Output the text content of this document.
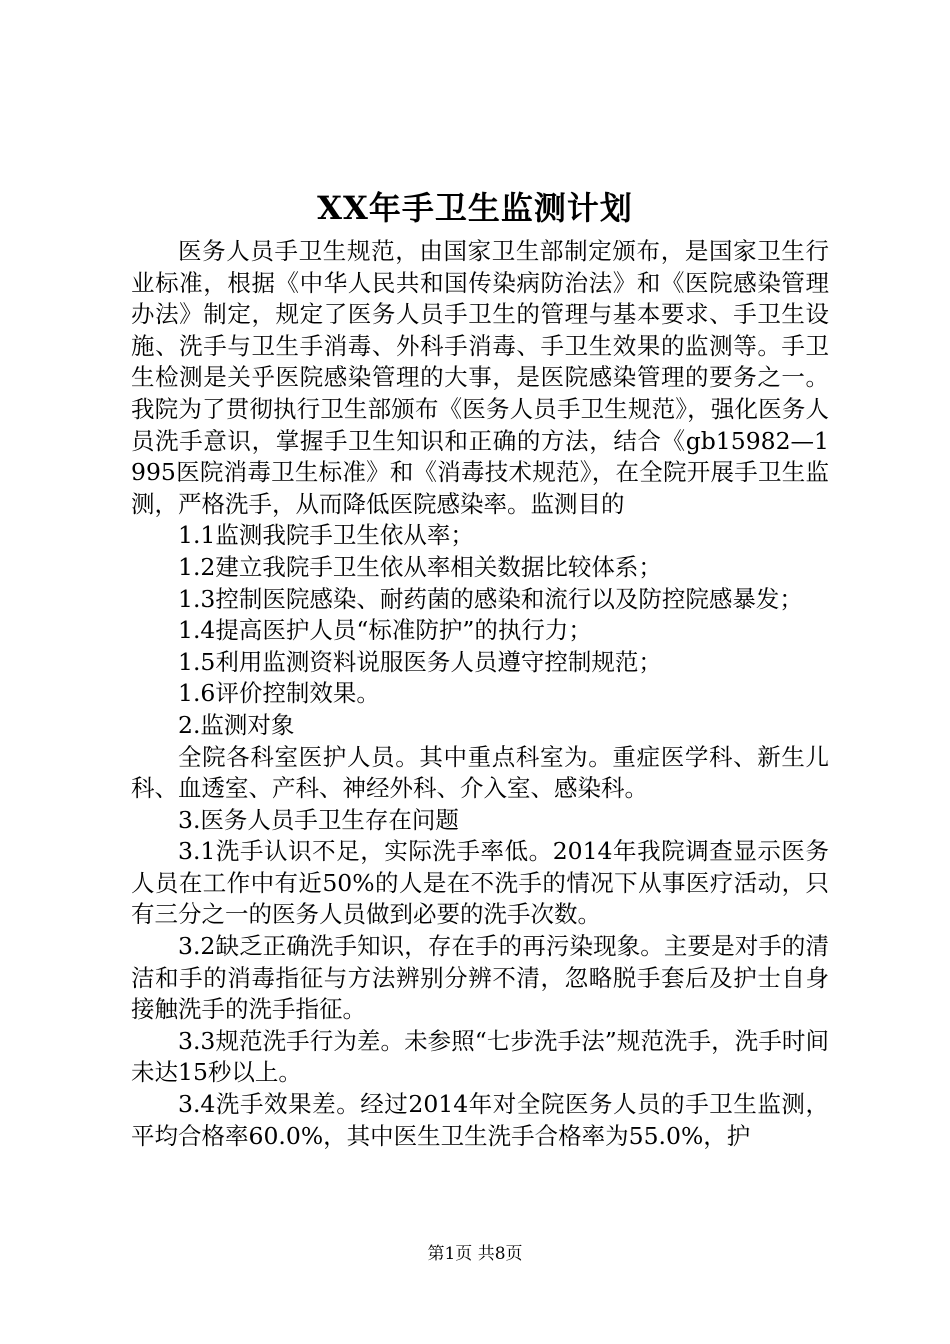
XX年手卫生监测计划

医务人员手卫生规范，由国家卫生部制定颁布，是国家卫生行业标准，根据《中华人民共和国传染病防治法》和《医院感染管理办法》制定，规定了医务人员手卫生的管理与基本要求、手卫生设施、洗手与卫生手消毒、外科手消毒、手卫生效果的监测等。手卫生检测是关乎医院感染管理的大事，是医院感染管理的要务之一。我院为了贯彻执行卫生部颁布《医务人员手卫生规范》，强化医务人员洗手意识，掌握手卫生知识和正确的方法，结合《gb15982—1995医院消毒卫生标准》和《消毒技术规范》，在全院开展手卫生监测，严格洗手，从而降低医院感染率。监测目的

1.1监测我院手卫生依从率；

1.2建立我院手卫生依从率相关数据比较体系；

1.3控制医院感染、耐药菌的感染和流行以及防控院感暴发；

1.4提高医护人员“标准防护”的执行力；

1.5利用监测资料说服医务人员遵守控制规范；

1.6评价控制效果。

2.监测对象

全院各科室医护人员。其中重点科室为。重症医学科、新生儿科、血透室、产科、神经外科、介入室、感染科。

3.医务人员手卫生存在问题

3.1洗手认识不足，实际洗手率低。2014年我院调查显示医务人员在工作中有近50%的人是在不洗手的情况下从事医疗活动，只有三分之一的医务人员做到必要的洗手次数。

3.2缺乏正确洗手知识，存在手的再污染现象。主要是对手的清洁和手的消毒指征与方法辨别分辨不清，忽略脱手套后及护士自身接触洗手的洗手指征。

3.3规范洗手行为差。未参照“七步洗手法”规范洗手，洗手时间未达15秒以上。

3.4洗手效果差。经过2014年对全院医务人员的手卫生监测，平均合格率60.0%，其中医生卫生洗手合格率为55.0%，护

第1页 共8页
